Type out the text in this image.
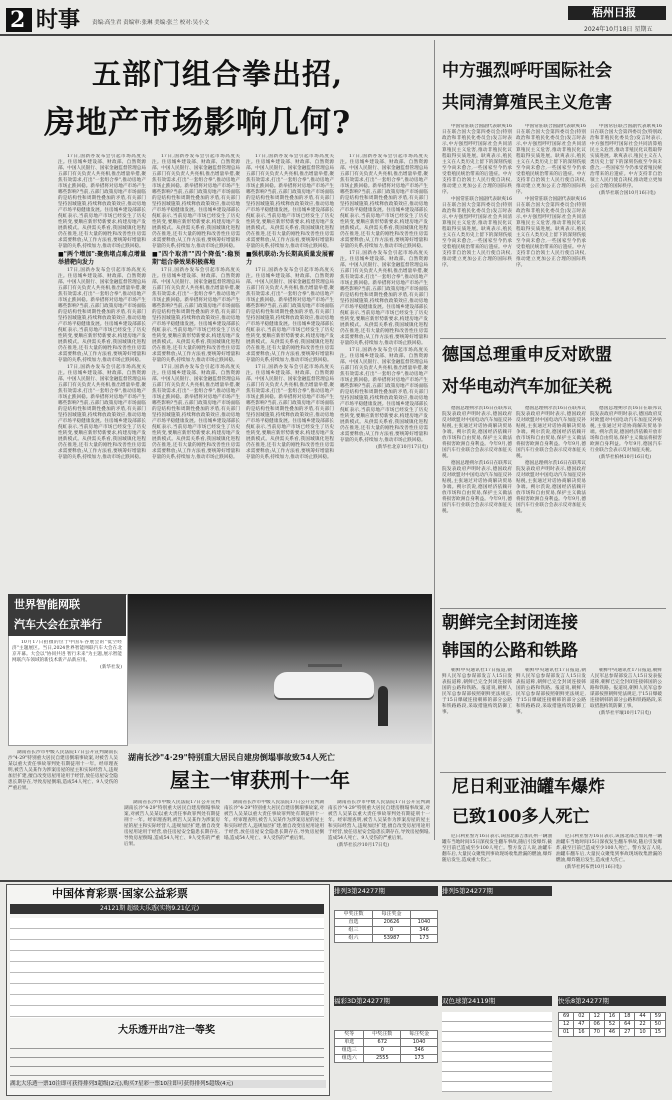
2 时事 责编:高生君 责编审:张琳 美编:张兰 校对:吴小文
梧州日报
2024年10月18日 星期五
五部门组合拳出招,
房地产市场影响几何?

17日,国新办发布会引起市场高度关注。住房城乡建设部、财政部、自然资源部、中国人民银行、国家金融监督管理总局五部门有关负责人共亮相,推出增量举措,聚焦有效需求,打出"一套组合拳",推动房地产市场止跌回稳。新举措将对房地产市场产生哪些影响?当前,五部门政策房地产市场面临的是结构性和周期性叠加的矛盾,有关部门坚持因城施策,持续释放政策效应,推动房地产市场平稳健康发展。住房城乡建设部部长倪虹表示,当前房地产市场已经发生了历史性转变,要顺应新形势新要求,构建房地产发展新模式。从供需关系看,我国城镇化进程仍在推进,还有大量的刚性和改善性住房需求需要释放;从工作方法看,要统筹好增量和存量的关系,持续加力,推动市场止跌回稳。

■"两个增加":聚焦堵点难点增量举措靶向发力

17日,国新办发布会引起市场高度关注。住房城乡建设部、财政部、自然资源部、中国人民银行、国家金融监督管理总局五部门有关负责人共亮相,推出增量举措,聚焦有效需求,打出"一套组合拳",推动房地产市场止跌回稳。新举措将对房地产市场产生哪些影响?当前,五部门政策房地产市场面临的是结构性和周期性叠加的矛盾,有关部门坚持因城施策,持续释放政策效应,推动房地产市场平稳健康发展。住房城乡建设部部长倪虹表示,当前房地产市场已经发生了历史性转变,要顺应新形势新要求,构建房地产发展新模式。从供需关系看,我国城镇化进程仍在推进,还有大量的刚性和改善性住房需求需要释放;从工作方法看,要统筹好增量和存量的关系,持续加力,推动市场止跌回稳。

17日,国新办发布会引起市场高度关注。住房城乡建设部、财政部、自然资源部、中国人民银行、国家金融监督管理总局五部门有关负责人共亮相,推出增量举措,聚焦有效需求,打出"一套组合拳",推动房地产市场止跌回稳。新举措将对房地产市场产生哪些影响?当前,五部门政策房地产市场面临的是结构性和周期性叠加的矛盾,有关部门坚持因城施策,持续释放政策效应,推动房地产市场平稳健康发展。住房城乡建设部部长倪虹表示,当前房地产市场已经发生了历史性转变,要顺应新形势新要求,构建房地产发展新模式。从供需关系看,我国城镇化进程仍在推进,还有大量的刚性和改善性住房需求需要释放;从工作方法看,要统筹好增量和存量的关系,持续加力,推动市场止跌回稳。

17日,国新办发布会引起市场高度关注。住房城乡建设部、财政部、自然资源部、中国人民银行、国家金融监督管理总局五部门有关负责人共亮相,推出增量举措,聚焦有效需求,打出"一套组合拳",推动房地产市场止跌回稳。新举措将对房地产市场产生哪些影响?当前,五部门政策房地产市场面临的是结构性和周期性叠加的矛盾,有关部门坚持因城施策,持续释放政策效应,推动房地产市场平稳健康发展。住房城乡建设部部长倪虹表示,当前房地产市场已经发生了历史性转变,要顺应新形势新要求,构建房地产发展新模式。从供需关系看,我国城镇化进程仍在推进,还有大量的刚性和改善性住房需求需要释放;从工作方法看,要统筹好增量和存量的关系,持续加力,推动市场止跌回稳。

■"四个取消""四个降低":稳预期"组合拳效果积极落地

17日,国新办发布会引起市场高度关注。住房城乡建设部、财政部、自然资源部、中国人民银行、国家金融监督管理总局五部门有关负责人共亮相,推出增量举措,聚焦有效需求,打出"一套组合拳",推动房地产市场止跌回稳。新举措将对房地产市场产生哪些影响?当前,五部门政策房地产市场面临的是结构性和周期性叠加的矛盾,有关部门坚持因城施策,持续释放政策效应,推动房地产市场平稳健康发展。住房城乡建设部部长倪虹表示,当前房地产市场已经发生了历史性转变,要顺应新形势新要求,构建房地产发展新模式。从供需关系看,我国城镇化进程仍在推进,还有大量的刚性和改善性住房需求需要释放;从工作方法看,要统筹好增量和存量的关系,持续加力,推动市场止跌回稳。

17日,国新办发布会引起市场高度关注。住房城乡建设部、财政部、自然资源部、中国人民银行、国家金融监督管理总局五部门有关负责人共亮相,推出增量举措,聚焦有效需求,打出"一套组合拳",推动房地产市场止跌回稳。新举措将对房地产市场产生哪些影响?当前,五部门政策房地产市场面临的是结构性和周期性叠加的矛盾,有关部门坚持因城施策,持续释放政策效应,推动房地产市场平稳健康发展。住房城乡建设部部长倪虹表示,当前房地产市场已经发生了历史性转变,要顺应新形势新要求,构建房地产发展新模式。从供需关系看,我国城镇化进程仍在推进,还有大量的刚性和改善性住房需求需要释放;从工作方法看,要统筹好增量和存量的关系,持续加力,推动市场止跌回稳。

17日,国新办发布会引起市场高度关注。住房城乡建设部、财政部、自然资源部、中国人民银行、国家金融监督管理总局五部门有关负责人共亮相,推出增量举措,聚焦有效需求,打出"一套组合拳",推动房地产市场止跌回稳。新举措将对房地产市场产生哪些影响?当前,五部门政策房地产市场面临的是结构性和周期性叠加的矛盾,有关部门坚持因城施策,持续释放政策效应,推动房地产市场平稳健康发展。住房城乡建设部部长倪虹表示,当前房地产市场已经发生了历史性转变,要顺应新形势新要求,构建房地产发展新模式。从供需关系看,我国城镇化进程仍在推进,还有大量的刚性和改善性住房需求需要释放;从工作方法看,要统筹好增量和存量的关系,持续加力,推动市场止跌回稳。

■强机联动:为长期高质量发展蓄力

17日,国新办发布会引起市场高度关注。住房城乡建设部、财政部、自然资源部、中国人民银行、国家金融监督管理总局五部门有关负责人共亮相,推出增量举措,聚焦有效需求,打出"一套组合拳",推动房地产市场止跌回稳。新举措将对房地产市场产生哪些影响?当前,五部门政策房地产市场面临的是结构性和周期性叠加的矛盾,有关部门坚持因城施策,持续释放政策效应,推动房地产市场平稳健康发展。住房城乡建设部部长倪虹表示,当前房地产市场已经发生了历史性转变,要顺应新形势新要求,构建房地产发展新模式。从供需关系看,我国城镇化进程仍在推进,还有大量的刚性和改善性住房需求需要释放;从工作方法看,要统筹好增量和存量的关系,持续加力,推动市场止跌回稳。

17日,国新办发布会引起市场高度关注。住房城乡建设部、财政部、自然资源部、中国人民银行、国家金融监督管理总局五部门有关负责人共亮相,推出增量举措,聚焦有效需求,打出"一套组合拳",推动房地产市场止跌回稳。新举措将对房地产市场产生哪些影响?当前,五部门政策房地产市场面临的是结构性和周期性叠加的矛盾,有关部门坚持因城施策,持续释放政策效应,推动房地产市场平稳健康发展。住房城乡建设部部长倪虹表示,当前房地产市场已经发生了历史性转变,要顺应新形势新要求,构建房地产发展新模式。从供需关系看,我国城镇化进程仍在推进,还有大量的刚性和改善性住房需求需要释放;从工作方法看,要统筹好增量和存量的关系,持续加力,推动市场止跌回稳。

17日,国新办发布会引起市场高度关注。住房城乡建设部、财政部、自然资源部、中国人民银行、国家金融监督管理总局五部门有关负责人共亮相,推出增量举措,聚焦有效需求,打出"一套组合拳",推动房地产市场止跌回稳。新举措将对房地产市场产生哪些影响?当前,五部门政策房地产市场面临的是结构性和周期性叠加的矛盾,有关部门坚持因城施策,持续释放政策效应,推动房地产市场平稳健康发展。住房城乡建设部部长倪虹表示,当前房地产市场已经发生了历史性转变,要顺应新形势新要求,构建房地产发展新模式。从供需关系看,我国城镇化进程仍在推进,还有大量的刚性和改善性住房需求需要释放;从工作方法看,要统筹好增量和存量的关系,持续加力,推动市场止跌回稳。

17日,国新办发布会引起市场高度关注。住房城乡建设部、财政部、自然资源部、中国人民银行、国家金融监督管理总局五部门有关负责人共亮相,推出增量举措,聚焦有效需求,打出"一套组合拳",推动房地产市场止跌回稳。新举措将对房地产市场产生哪些影响?当前,五部门政策房地产市场面临的是结构性和周期性叠加的矛盾,有关部门坚持因城施策,持续释放政策效应,推动房地产市场平稳健康发展。住房城乡建设部部长倪虹表示,当前房地产市场已经发生了历史性转变,要顺应新形势新要求,构建房地产发展新模式。从供需关系看,我国城镇化进程仍在推进,还有大量的刚性和改善性住房需求需要释放;从工作方法看,要统筹好增量和存量的关系,持续加力,推动市场止跌回稳。

17日,国新办发布会引起市场高度关注。住房城乡建设部、财政部、自然资源部、中国人民银行、国家金融监督管理总局五部门有关负责人共亮相,推出增量举措,聚焦有效需求,打出"一套组合拳",推动房地产市场止跌回稳。新举措将对房地产市场产生哪些影响?当前,五部门政策房地产市场面临的是结构性和周期性叠加的矛盾,有关部门坚持因城施策,持续释放政策效应,推动房地产市场平稳健康发展。住房城乡建设部部长倪虹表示,当前房地产市场已经发生了历史性转变,要顺应新形势新要求,构建房地产发展新模式。从供需关系看,我国城镇化进程仍在推进,还有大量的刚性和改善性住房需求需要释放;从工作方法看,要统筹好增量和存量的关系,持续加力,推动市场止跌回稳。

(新华社北京10月17日电)

中方强烈呼吁国际社会
共同清算殖民主义危害

中国常驻联合国副代表耿爽16日在联合国大会第四委员会(特别政治和非殖民化委员会)发言时表示,中方强烈呼吁国际社会共同清算殖民主义危害,推动非殖民化议程取得实质进展。耿爽表示,殖民主义在人类历史上留下的深刻伤痕至今尚未愈合,一些国家至今仍承受着殖民统治带来的后遗症。中方支持非自治领土人民行使自决权,推动建立更加公正合理的国际秩序。

中国常驻联合国副代表耿爽16日在联合国大会第四委员会(特别政治和非殖民化委员会)发言时表示,中方强烈呼吁国际社会共同清算殖民主义危害,推动非殖民化议程取得实质进展。耿爽表示,殖民主义在人类历史上留下的深刻伤痕至今尚未愈合,一些国家至今仍承受着殖民统治带来的后遗症。中方支持非自治领土人民行使自决权,推动建立更加公正合理的国际秩序。

中国常驻联合国副代表耿爽16日在联合国大会第四委员会(特别政治和非殖民化委员会)发言时表示,中方强烈呼吁国际社会共同清算殖民主义危害,推动非殖民化议程取得实质进展。耿爽表示,殖民主义在人类历史上留下的深刻伤痕至今尚未愈合,一些国家至今仍承受着殖民统治带来的后遗症。中方支持非自治领土人民行使自决权,推动建立更加公正合理的国际秩序。

中国常驻联合国副代表耿爽16日在联合国大会第四委员会(特别政治和非殖民化委员会)发言时表示,中方强烈呼吁国际社会共同清算殖民主义危害,推动非殖民化议程取得实质进展。耿爽表示,殖民主义在人类历史上留下的深刻伤痕至今尚未愈合,一些国家至今仍承受着殖民统治带来的后遗症。中方支持非自治领土人民行使自决权,推动建立更加公正合理的国际秩序。

中国常驻联合国副代表耿爽16日在联合国大会第四委员会(特别政治和非殖民化委员会)发言时表示,中方强烈呼吁国际社会共同清算殖民主义危害,推动非殖民化议程取得实质进展。耿爽表示,殖民主义在人类历史上留下的深刻伤痕至今尚未愈合,一些国家至今仍承受着殖民统治带来的后遗症。中方支持非自治领土人民行使自决权,推动建立更加公正合理的国际秩序。

(新华社联合国10月16日电)

德国总理重申反对欧盟
对华电动汽车加征关税

德国总理朔尔茨16日在联邦议院发表政府声明时表示,德国政府反对欧盟对中国电动汽车加征反补贴税,主张通过对话协商解决贸易争端。朔尔茨说,德国经济依赖开放市场和自由贸易,保护主义做法将损害欧洲自身利益。今年9月,德国汽车行业联合会表示反对加征关税。

德国总理朔尔茨16日在联邦议院发表政府声明时表示,德国政府反对欧盟对中国电动汽车加征反补贴税,主张通过对话协商解决贸易争端。朔尔茨说,德国经济依赖开放市场和自由贸易,保护主义做法将损害欧洲自身利益。今年9月,德国汽车行业联合会表示反对加征关税。

德国总理朔尔茨16日在联邦议院发表政府声明时表示,德国政府反对欧盟对中国电动汽车加征反补贴税,主张通过对话协商解决贸易争端。朔尔茨说,德国经济依赖开放市场和自由贸易,保护主义做法将损害欧洲自身利益。今年9月,德国汽车行业联合会表示反对加征关税。

德国总理朔尔茨16日在联邦议院发表政府声明时表示,德国政府反对欧盟对中国电动汽车加征反补贴税,主张通过对话协商解决贸易争端。朔尔茨说,德国经济依赖开放市场和自由贸易,保护主义做法将损害欧洲自身利益。今年9月,德国汽车行业联合会表示反对加征关税。

德国总理朔尔茨16日在联邦议院发表政府声明时表示,德国政府反对欧盟对中国电动汽车加征反补贴税,主张通过对话协商解决贸易争端。朔尔茨说,德国经济依赖开放市场和自由贸易,保护主义做法将损害欧洲自身利益。今年9月,德国汽车行业联合会表示反对加征关税。

(新华社柏林10月16日电)

朝鲜完全封闭连接
韩国的公路和铁路

朝鲜中央通讯社17日报道,朝鲜人民军总参谋部发言人15日发表报道称,朝鲜已完全封闭连接韩国的公路和铁路。报道说,朝鲜人民军总参谋部按照朝鲜宪法规定,于15日爆破连接朝韩的部分公路和铁路路段,采取措施构筑防御工事。

朝鲜中央通讯社17日报道,朝鲜人民军总参谋部发言人15日发表报道称,朝鲜已完全封闭连接韩国的公路和铁路。报道说,朝鲜人民军总参谋部按照朝鲜宪法规定,于15日爆破连接朝韩的部分公路和铁路路段,采取措施构筑防御工事。

朝鲜中央通讯社17日报道,朝鲜人民军总参谋部发言人15日发表报道称,朝鲜已完全封闭连接韩国的公路和铁路。报道说,朝鲜人民军总参谋部按照朝鲜宪法规定,于15日爆破连接朝韩的部分公路和铁路路段,采取措施构筑防御工事。

(新华社平壤10月17日电)

尼日利亚油罐车爆炸
已致100多人死亡

尼日利亚警方16日表示,该国北部吉加瓦州一辆油罐车当地时间15日深夜发生翻车事故,随后引发爆炸,截至目前已造成至少100人死亡。警方发言人说,油罐车翻车后,大量民众聚集到事故现场收集泄漏的燃油,爆炸随后发生,造成重大伤亡。

尼日利亚警方16日表示,该国北部吉加瓦州一辆油罐车当地时间15日深夜发生翻车事故,随后引发爆炸,截至目前已造成至少100人死亡。警方发言人说,油罐车翻车后,大量民众聚集到事故现场收集泄漏的燃油,爆炸随后发生,造成重大伤亡。

(新华社阿布贾10月16日电)

世界智能网联
汽车大会在京举行

10月17日拍摄的位于中国车谷展会的"低空经济"主题展区。当日,2024世界智能网联汽车大会在北京开幕。大会以"协同共进 智行未来"为主题,展示智能网联汽车领域的新技术新产品新应用。

(新华社发)

湖南长沙"4·29"特别重大居民自建房倒塌事故致54人死亡
屋主一审获刑十一年

湖南省长沙市中级人民法院17日公开宣判湖南长沙"4·29"特别重大居民自建房倒塌事故案,对被告人吴某以重大责任事故罪判处有期徒刑十一年。经审理查明,被告人吴某作为涉案房屋的屋主和实际经营人,违规加层扩建,擅自改变房屋用途用于经营,放任房屋安全隐患长期存在,导致房屋倒塌,造成54人死亡、9人受伤的严重后果。

湖南省长沙市中级人民法院17日公开宣判湖南长沙"4·29"特别重大居民自建房倒塌事故案,对被告人吴某以重大责任事故罪判处有期徒刑十一年。经审理查明,被告人吴某作为涉案房屋的屋主和实际经营人,违规加层扩建,擅自改变房屋用途用于经营,放任房屋安全隐患长期存在,导致房屋倒塌,造成54人死亡、9人受伤的严重后果。

湖南省长沙市中级人民法院17日公开宣判湖南长沙"4·29"特别重大居民自建房倒塌事故案,对被告人吴某以重大责任事故罪判处有期徒刑十一年。经审理查明,被告人吴某作为涉案房屋的屋主和实际经营人,违规加层扩建,擅自改变房屋用途用于经营,放任房屋安全隐患长期存在,导致房屋倒塌,造成54人死亡、9人受伤的严重后果。

湖南省长沙市中级人民法院17日公开宣判湖南长沙"4·29"特别重大居民自建房倒塌事故案,对被告人吴某以重大责任事故罪判处有期徒刑十一年。经审理查明,被告人吴某作为涉案房屋的屋主和实际经营人,违规加层扩建,擅自改变房屋用途用于经营,放任房屋安全隐患长期存在,导致房屋倒塌,造成54人死亡、9人受伤的严重后果。

(新华社长沙10月17日电)

中国体育彩票·国家公益彩票
24121期 超级大乐透(实物9.21亿元)
大乐透开出7注一等奖
湖北大乐透一票10注即可获得排列3超级(2元),购买7星彩一票10注即可获得排列5超级(4元)
排列3第24277期	排列5第24277期
中奖注数	每注奖金	
直选	20626	1040
组三	0	346
组六	53987	173
福彩3D第24277期
奖等	中奖注数	每注奖金
单选	672	1040
组选三	0	346
组选六	2555	173
双色球第24119期	快乐8第24277期
69	02	12	16	18	44	59
12	47	06	52	64	22	50
01	16	70	46	27	10	15
